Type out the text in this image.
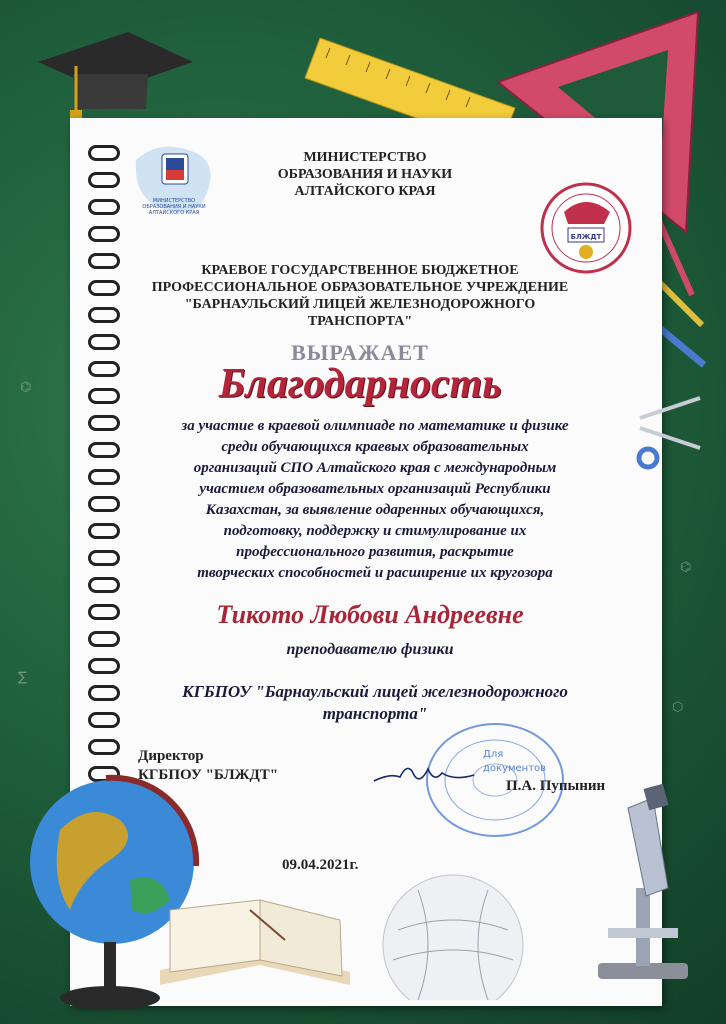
⌬
⌬
⬡
∑
МИНИСТЕРСТВО
ОБРАЗОВАНИЯ И НАУКИ
АЛТАЙСКОГО КРАЯ
МИНИСТЕРСТВО
ОБРАЗОВАНИЯ И НАУКИ
АЛТАЙСКОГО КРАЯ
БЛЖДТ
КРАЕВОЕ ГОСУДАРСТВЕННОЕ БЮДЖЕТНОЕ
ПРОФЕССИОНАЛЬНОЕ ОБРАЗОВАТЕЛЬНОЕ УЧРЕЖДЕНИЕ
"БАРНАУЛЬСКИЙ ЛИЦЕЙ ЖЕЛЕЗНОДОРОЖНОГО
ТРАНСПОРТА"
ВЫРАЖАЕТ
Благодарность
за участие в краевой олимпиаде по математике и физике
среди обучающихся краевых образовательных
организаций СПО Алтайского края с международным
участием образовательных организаций Республики
Казахстан, за выявление одаренных обучающихся,
подготовку, поддержку и стимулирование их
профессионального развития, раскрытие
творческих способностей и расширение их кругозора
Тикото Любови Андреевне
преподавателю физики
КГБПОУ "Барнаульский лицей железнодорожного
транспорта"
Для документов
Директор
КГБПОУ "БЛЖДТ"
П.А. Пупынин
09.04.2021г.
